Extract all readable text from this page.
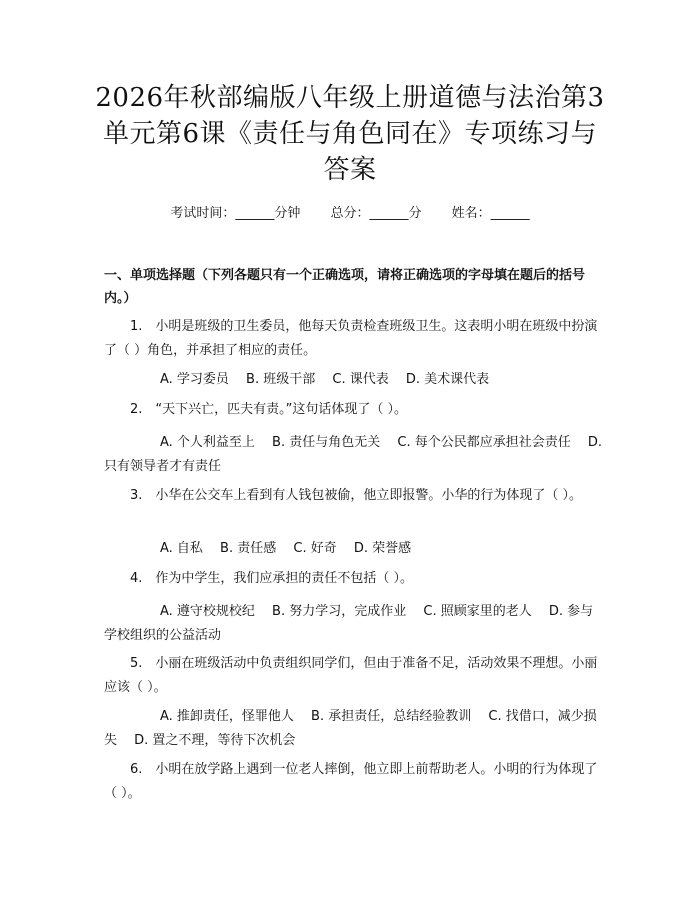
2026年秋部编版八年级上册道德与法治第3单元第6课《责任与角色同在》专项练习与答案
考试时间：______分钟 总分：______分 姓名：______
一、单项选择题（下列各题只有一个正确选项，请将正确选项的字母填在题后的括号内。）
1.　小明是班级的卫生委员，他每天负责检查班级卫生。这表明小明在班级中扮演了（ ）角色，并承担了相应的责任。
A. 学习委员　 B. 班级干部　 C. 课代表　 D. 美术课代表
2.　“天下兴亡，匹夫有责。”这句话体现了（ ）。
A. 个人利益至上　 B. 责任与角色无关　 C. 每个公民都应承担社会责任　 D. 只有领导者才有责任
3.　小华在公交车上看到有人钱包被偷，他立即报警。小华的行为体现了（ ）。
A. 自私　 B. 责任感　 C. 好奇　 D. 荣誉感
4.　作为中学生，我们应承担的责任不包括（ ）。
A. 遵守校规校纪　 B. 努力学习，完成作业　 C. 照顾家里的老人　 D. 参与学校组织的公益活动
5.　小丽在班级活动中负责组织同学们，但由于准备不足，活动效果不理想。小丽应该（ ）。
A. 推卸责任，怪罪他人　 B. 承担责任，总结经验教训　 C. 找借口，减少损失　 D. 置之不理，等待下次机会
6.　小明在放学路上遇到一位老人摔倒，他立即上前帮助老人。小明的行为体现了（ ）。
